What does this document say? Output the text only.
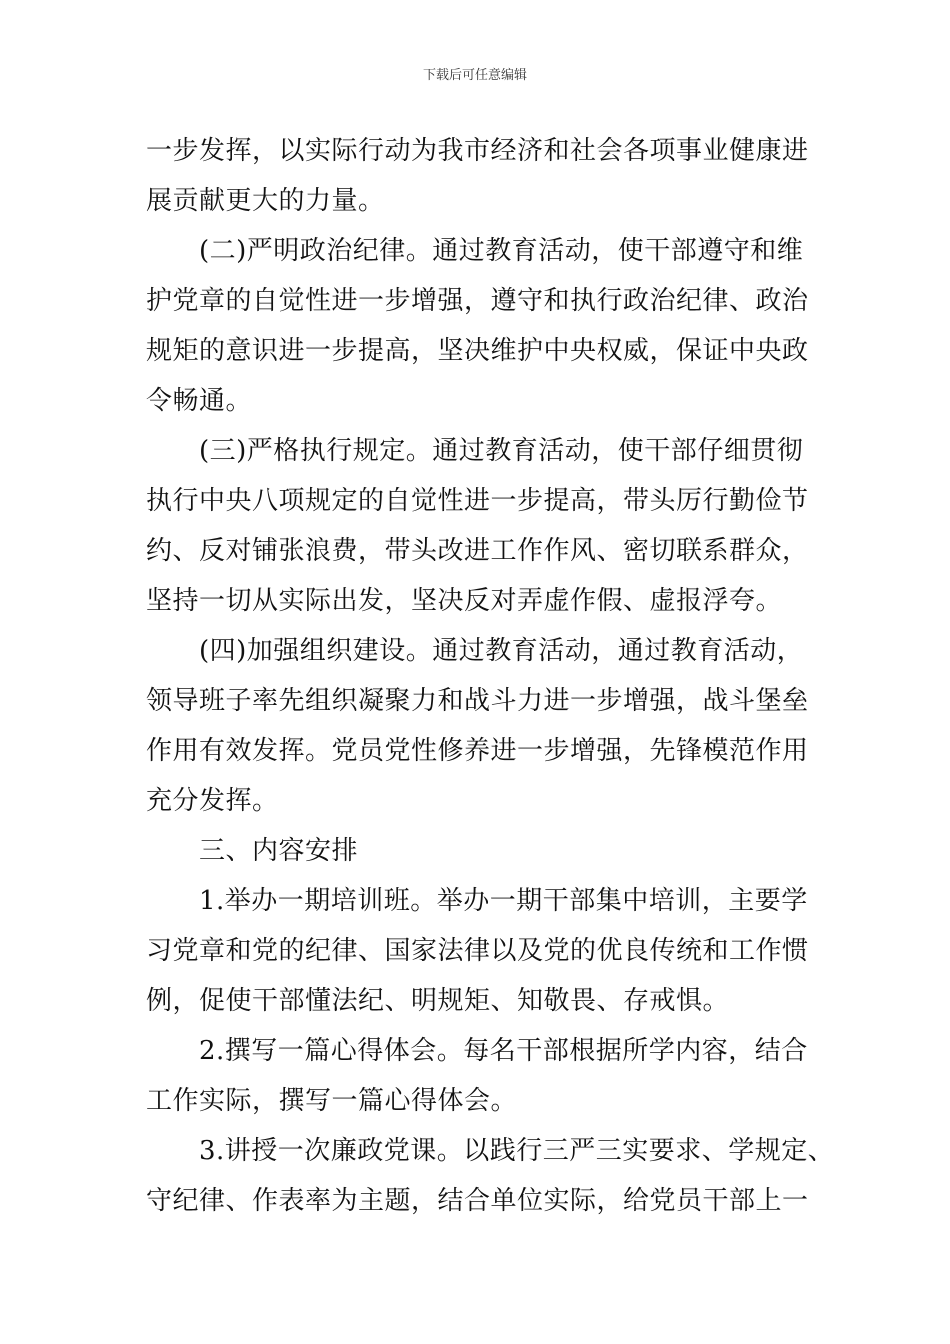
下载后可任意编辑
一步发挥，以实际行动为我市经济和社会各项事业健康进
展贡献更大的力量。
　　(二)严明政治纪律。通过教育活动，使干部遵守和维
护党章的自觉性进一步增强，遵守和执行政治纪律、政治
规矩的意识进一步提高，坚决维护中央权威，保证中央政
令畅通。
　　(三)严格执行规定。通过教育活动，使干部仔细贯彻
执行中央八项规定的自觉性进一步提高，带头厉行勤俭节
约、反对铺张浪费，带头改进工作作风、密切联系群众，
坚持一切从实际出发，坚决反对弄虚作假、虚报浮夸。
　　(四)加强组织建设。通过教育活动，通过教育活动，
领导班子率先组织凝聚力和战斗力进一步增强，战斗堡垒
作用有效发挥。党员党性修养进一步增强，先锋模范作用
充分发挥。
　　三、内容安排
　　1.举办一期培训班。举办一期干部集中培训，主要学
习党章和党的纪律、国家法律以及党的优良传统和工作惯
例，促使干部懂法纪、明规矩、知敬畏、存戒惧。
　　2.撰写一篇心得体会。每名干部根据所学内容，结合
工作实际，撰写一篇心得体会。
　　3.讲授一次廉政党课。以践行三严三实要求、学规定、
守纪律、作表率为主题，结合单位实际，给党员干部上一
